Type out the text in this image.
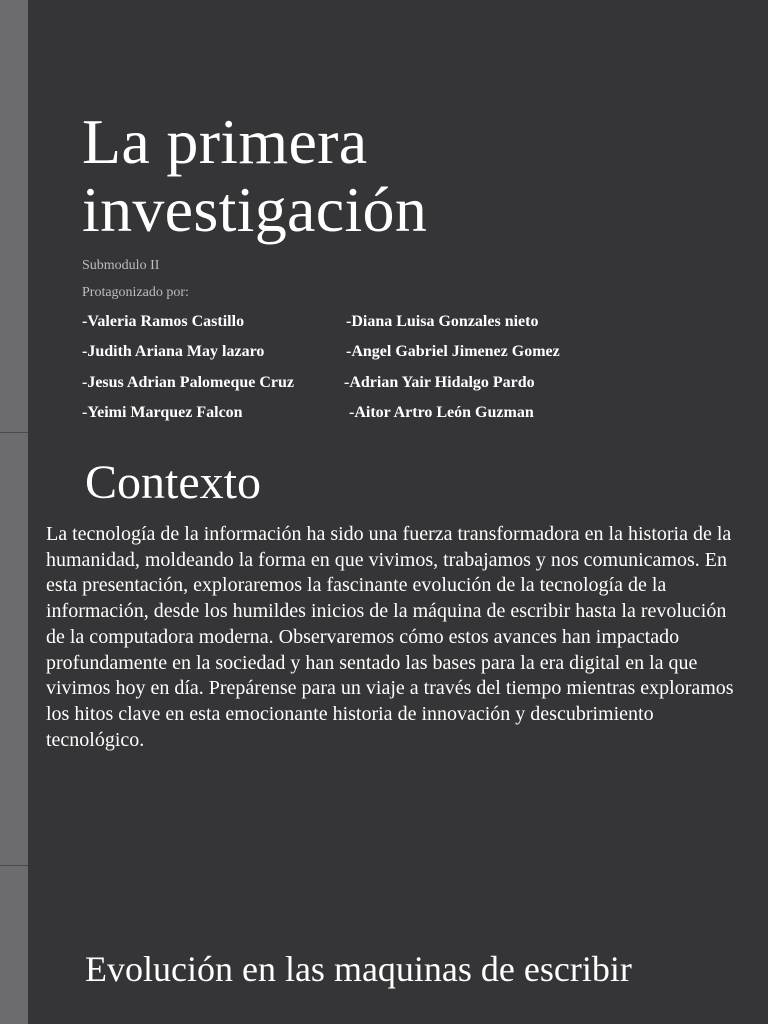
La primera
investigación
Submodulo II
Protagonizado por:
-Valeria Ramos Castillo	-Diana Luisa Gonzales nieto
-Judith Ariana May lazaro	-Angel Gabriel Jimenez Gomez
-Jesus Adrian Palomeque Cruz	-Adrian Yair Hidalgo Pardo
-Yeimi Marquez Falcon	-Aitor Artro León Guzman
Contexto

La tecnología de la información ha sido una fuerza transformadora en la historia de la humanidad, moldeando la forma en que vivimos, trabajamos y nos comunicamos. En esta presentación, exploraremos la fascinante evolución de la tecnología de la información, desde los humildes inicios de la máquina de escribir hasta la revolución de la computadora moderna. Observaremos cómo estos avances han impactado profundamente en la sociedad y han sentado las bases para la era digital en la que vivimos hoy en día. Prepárense para un viaje a través del tiempo mientras exploramos los hitos clave en esta emocionante historia de innovación y descubrimiento tecnológico.

Evolución en las maquinas de escribir
